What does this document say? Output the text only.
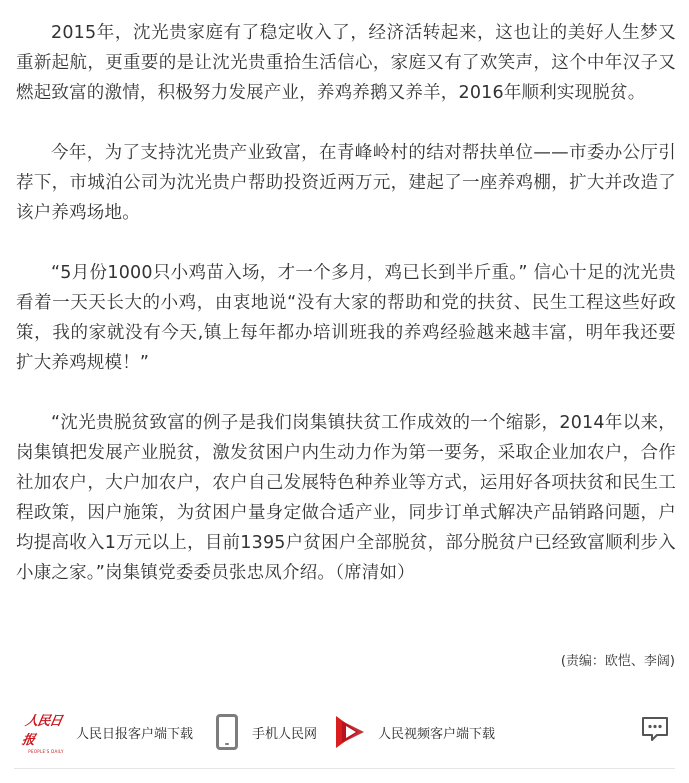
2015年，沈光贵家庭有了稳定收入了，经济活转起来，这也让的美好人生梦又重新起航，更重要的是让沈光贵重拾生活信心，家庭又有了欢笑声，这个中年汉子又燃起致富的激情，积极努力发展产业，养鸡养鹅又养羊，2016年顺利实现脱贫。

今年，为了支持沈光贵产业致富，在青峰岭村的结对帮扶单位——市委办公厅引荐下，市城泊公司为沈光贵户帮助投资近两万元，建起了一座养鸡棚，扩大并改造了该户养鸡场地。

“5月份1000只小鸡苗入场，才一个多月，鸡已长到半斤重。” 信心十足的沈光贵看着一天天长大的小鸡，由衷地说“没有大家的帮助和党的扶贫、民生工程这些好政策，我的家就没有今天,镇上每年都办培训班我的养鸡经验越来越丰富，明年我还要扩大养鸡规模！”

“沈光贵脱贫致富的例子是我们岗集镇扶贫工作成效的一个缩影，2014年以来，岗集镇把发展产业脱贫，激发贫困户内生动力作为第一要务，采取企业加农户，合作社加农户，大户加农户，农户自己发展特色种养业等方式，运用好各项扶贫和民生工程政策，因户施策，为贫困户量身定做合适产业，同步订单式解决产品销路问题，户均提高收入1万元以上，目前1395户贫困户全部脱贫，部分脱贫户已经致富顺利步入小康之家。”岗集镇党委委员张忠凤介绍。（席清如）

(责编：欧恺、李阔)
人民日报
PEOPLE'S DAILY
人民日报客户端下载	手机人民网	人民视频客户端下载
